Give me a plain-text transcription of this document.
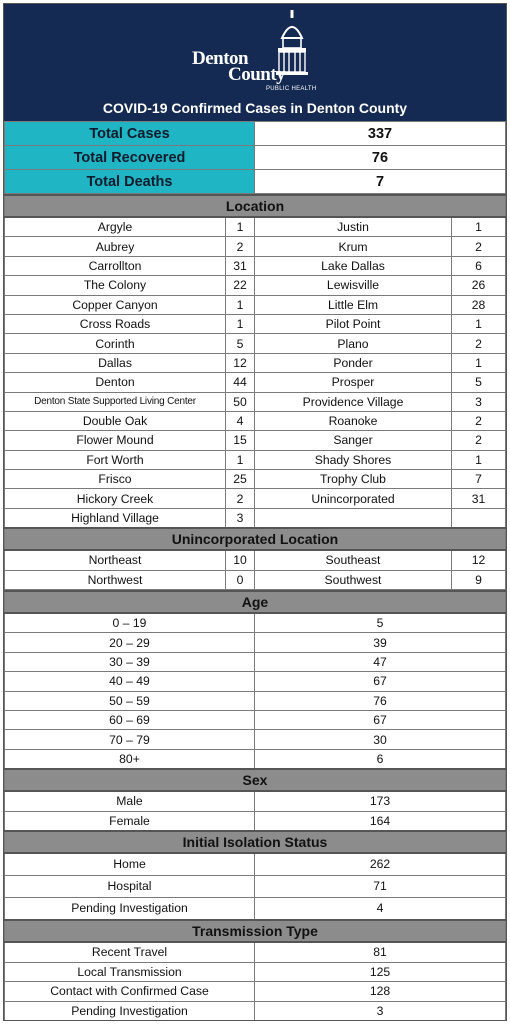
Denton
County
PUBLIC HEALTH
COVID-19 Confirmed Cases in Denton County
Total Cases	337
Total Recovered	76
Total Deaths	7
Location			
Argyle	1	Justin	1
Aubrey	2	Krum	2
Carrollton	31	Lake Dallas	6
The Colony	22	Lewisville	26
Copper Canyon	1	Little Elm	28
Cross Roads	1	Pilot Point	1
Corinth	5	Plano	2
Dallas	12	Ponder	1
Denton	44	Prosper	5
Denton State Supported Living Center	50	Providence Village	3
Double Oak	4	Roanoke	2
Flower Mound	15	Sanger	2
Fort Worth	1	Shady Shores	1
Frisco	25	Trophy Club	7
Hickory Creek	2	Unincorporated	31
Highland Village	3		
Unincorporated Location			
Northeast	10	Southeast	12
Northwest	0	Southwest	9
Age	
0 – 19	5
20 – 29	39
30 – 39	47
40 – 49	67
50 – 59	76
60 – 69	67
70 – 79	30
80+	6
Sex	
Male	173
Female	164
Initial Isolation Status	
Home	262
Hospital	71
Pending Investigation	4
Transmission Type	
Recent Travel	81
Local Transmission	125
Contact with Confirmed Case	128
Pending Investigation	3
